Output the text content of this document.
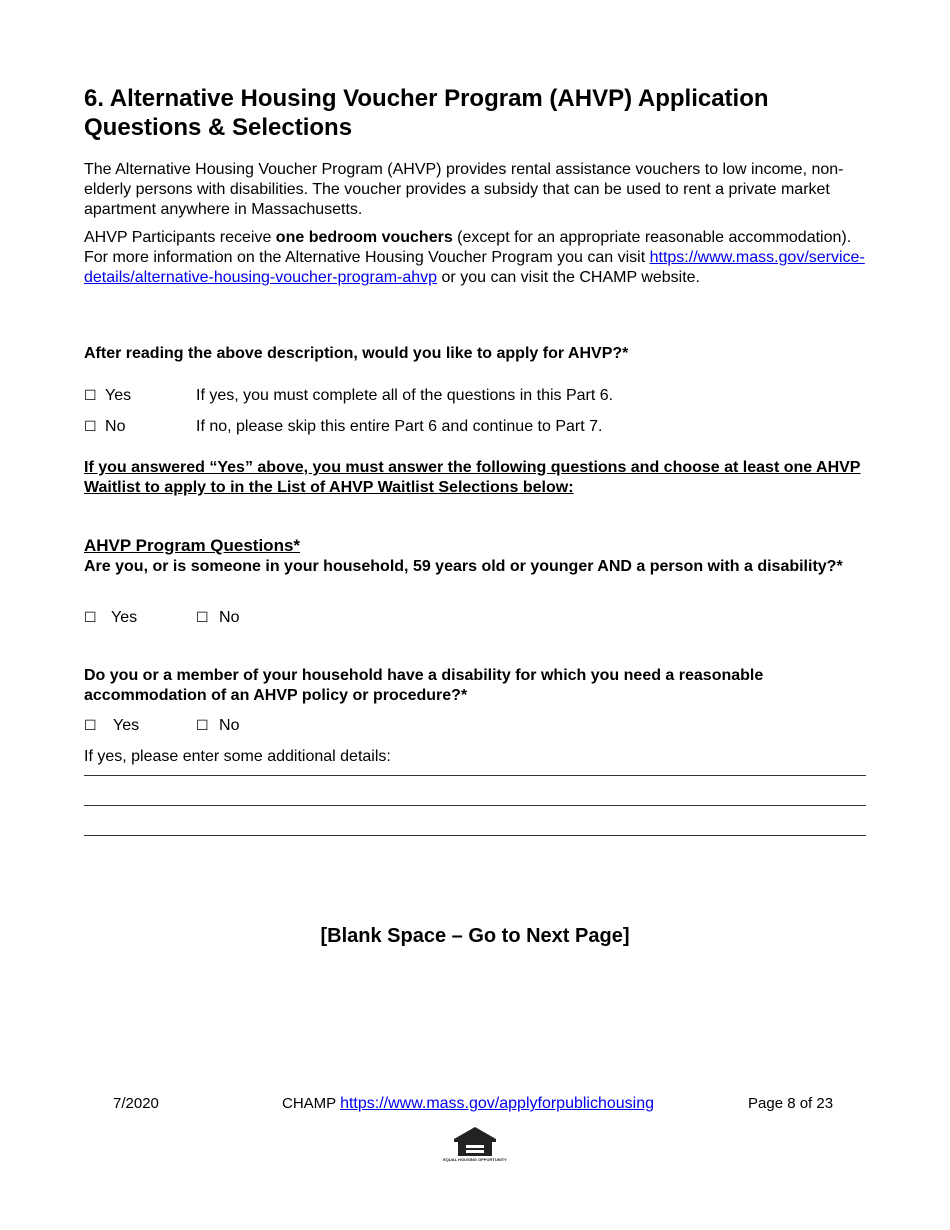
6. Alternative Housing Voucher Program (AHVP) Application
Questions & Selections
The Alternative Housing Voucher Program (AHVP) provides rental assistance vouchers to low income, non-elderly persons with disabilities. The voucher provides a subsidy that can be used to rent a private market apartment anywhere in Massachusetts.
AHVP Participants receive one bedroom vouchers (except for an appropriate reasonable accommodation). For more information on the Alternative Housing Voucher Program you can visit https://www.mass.gov/service-details/alternative-housing-voucher-program-ahvp or you can visit the CHAMP website.
After reading the above description, would you like to apply for AHVP?*
☐ Yes	If yes, you must complete all of the questions in this Part 6.
☐ No	If no, please skip this entire Part 6 and continue to Part 7.
If you answered “Yes” above, you must answer the following questions and choose at least one AHVP Waitlist to apply to in the List of AHVP Waitlist Selections below:
AHVP Program Questions*
Are you, or is someone in your household, 59 years old or younger AND a person with a disability?*
☐ Yes	☐ No
Do you or a member of your household have a disability for which you need a reasonable accommodation of an AHVP policy or procedure?*
☐ Yes	☐ No
If yes, please enter some additional details:
[Blank Space – Go to Next Page]
7/2020	CHAMP https://www.mass.gov/applyforpublichousing	Page 8 of 23
EQUAL HOUSING OPPORTUNITY
